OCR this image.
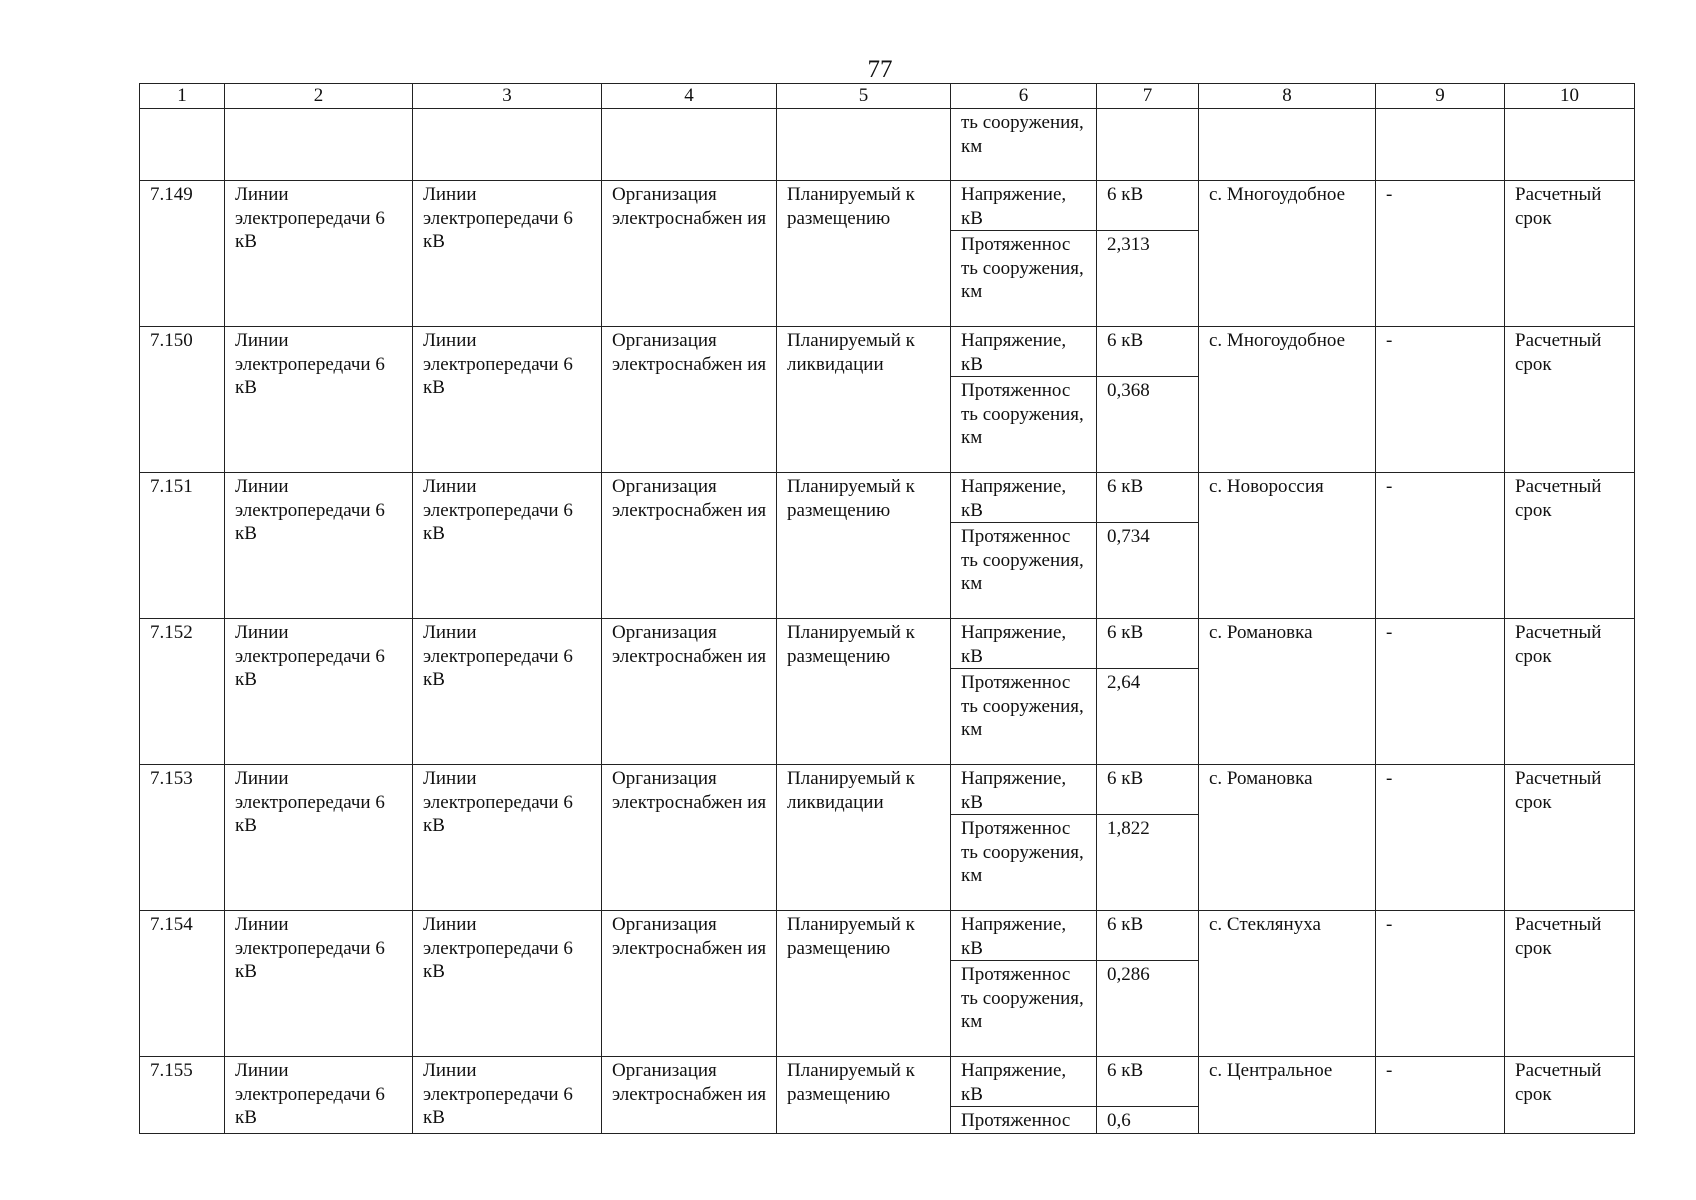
77
1	2	3	4	5	6	7	8	9	10
					ть сооружения, км				
7.149	Линии электропередачи 6 кВ	Линии электропередачи 6 кВ	Организация электроснабжен ия	Планируемый к размещению	Напряжение, кВ	6 кВ	с. Многоудобное	-	Расчетный срок
					Протяженнос ть сооружения, км	2,313			
7.150	Линии электропередачи 6 кВ	Линии электропередачи 6 кВ	Организация электроснабжен ия	Планируемый к ликвидации	Напряжение, кВ	6 кВ	с. Многоудобное	-	Расчетный срок
					Протяженнос ть сооружения, км	0,368			
7.151	Линии электропередачи 6 кВ	Линии электропередачи 6 кВ	Организация электроснабжен ия	Планируемый к размещению	Напряжение, кВ	6 кВ	с. Новороссия	-	Расчетный срок
					Протяженнос ть сооружения, км	0,734			
7.152	Линии электропередачи 6 кВ	Линии электропередачи 6 кВ	Организация электроснабжен ия	Планируемый к размещению	Напряжение, кВ	6 кВ	с. Романовка	-	Расчетный срок
					Протяженнос ть сооружения, км	2,64			
7.153	Линии электропередачи 6 кВ	Линии электропередачи 6 кВ	Организация электроснабжен ия	Планируемый к ликвидации	Напряжение, кВ	6 кВ	с. Романовка	-	Расчетный срок
					Протяженнос ть сооружения, км	1,822			
7.154	Линии электропередачи 6 кВ	Линии электропередачи 6 кВ	Организация электроснабжен ия	Планируемый к размещению	Напряжение, кВ	6 кВ	с. Стеклянуха	-	Расчетный срок
					Протяженнос ть сооружения, км	0,286			
7.155	Линии электропередачи 6 кВ	Линии электропередачи 6 кВ	Организация электроснабжен ия	Планируемый к размещению	Напряжение, кВ	6 кВ	с. Центральное	-	Расчетный срок
					Протяженнос	0,6			
